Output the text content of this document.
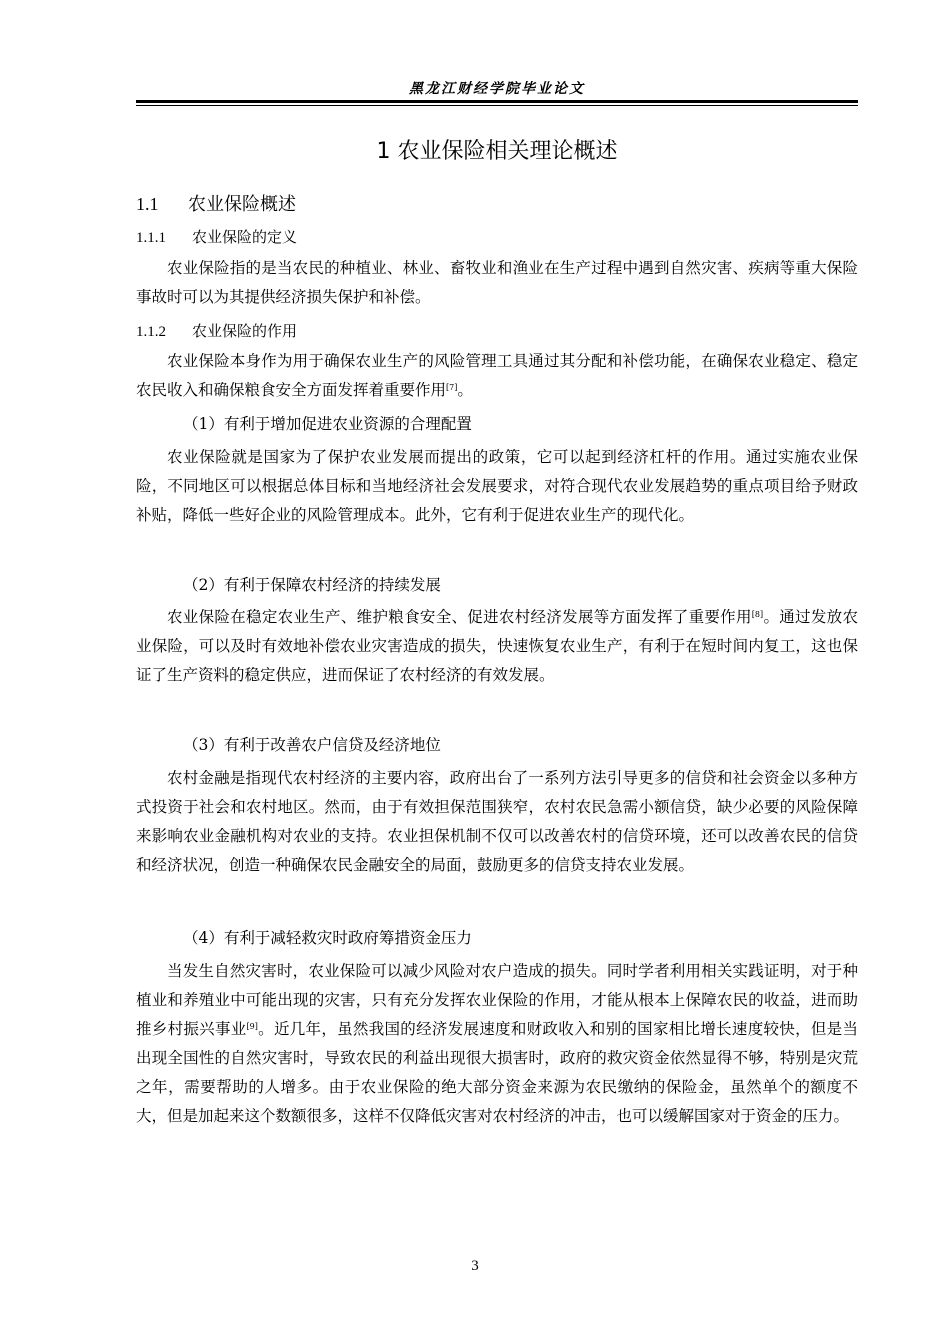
黑龙江财经学院毕业论文
1 农业保险相关理论概述
1.1 农业保险概述
1.1.1 农业保险的定义

农业保险指的是当农民的种植业、林业、畜牧业和渔业在生产过程中遇到自然灾害、疾病等重大保险事故时可以为其提供经济损失保护和补偿。

1.1.2 农业保险的作用

农业保险本身作为用于确保农业生产的风险管理工具通过其分配和补偿功能，在确保农业稳定、稳定农民收入和确保粮食安全方面发挥着重要作用[7]。

（1）有利于增加促进农业资源的合理配置

农业保险就是国家为了保护农业发展而提出的政策，它可以起到经济杠杆的作用。通过实施农业保险，不同地区可以根据总体目标和当地经济社会发展要求，对符合现代农业发展趋势的重点项目给予财政补贴，降低一些好企业的风险管理成本。此外，它有利于促进农业生产的现代化。

（2）有利于保障农村经济的持续发展

农业保险在稳定农业生产、维护粮食安全、促进农村经济发展等方面发挥了重要作用[8]。通过发放农业保险，可以及时有效地补偿农业灾害造成的损失，快速恢复农业生产，有利于在短时间内复工，这也保证了生产资料的稳定供应，进而保证了农村经济的有效发展。

（3）有利于改善农户信贷及经济地位

农村金融是指现代农村经济的主要内容，政府出台了一系列方法引导更多的信贷和社会资金以多种方式投资于社会和农村地区。然而，由于有效担保范围狭窄，农村农民急需小额信贷，缺少必要的风险保障来影响农业金融机构对农业的支持。农业担保机制不仅可以改善农村的信贷环境，还可以改善农民的信贷和经济状况，创造一种确保农民金融安全的局面，鼓励更多的信贷支持农业发展。

（4）有利于减轻救灾时政府筹措资金压力

当发生自然灾害时，农业保险可以减少风险对农户造成的损失。同时学者利用相关实践证明，对于种植业和养殖业中可能出现的灾害，只有充分发挥农业保险的作用，才能从根本上保障农民的收益，进而助推乡村振兴事业[9]。近几年，虽然我国的经济发展速度和财政收入和别的国家相比增长速度较快，但是当出现全国性的自然灾害时，导致农民的利益出现很大损害时，政府的救灾资金依然显得不够，特别是灾荒之年，需要帮助的人增多。由于农业保险的绝大部分资金来源为农民缴纳的保险金，虽然单个的额度不大，但是加起来这个数额很多，这样不仅降低灾害对农村经济的冲击，也可以缓解国家对于资金的压力。

3
